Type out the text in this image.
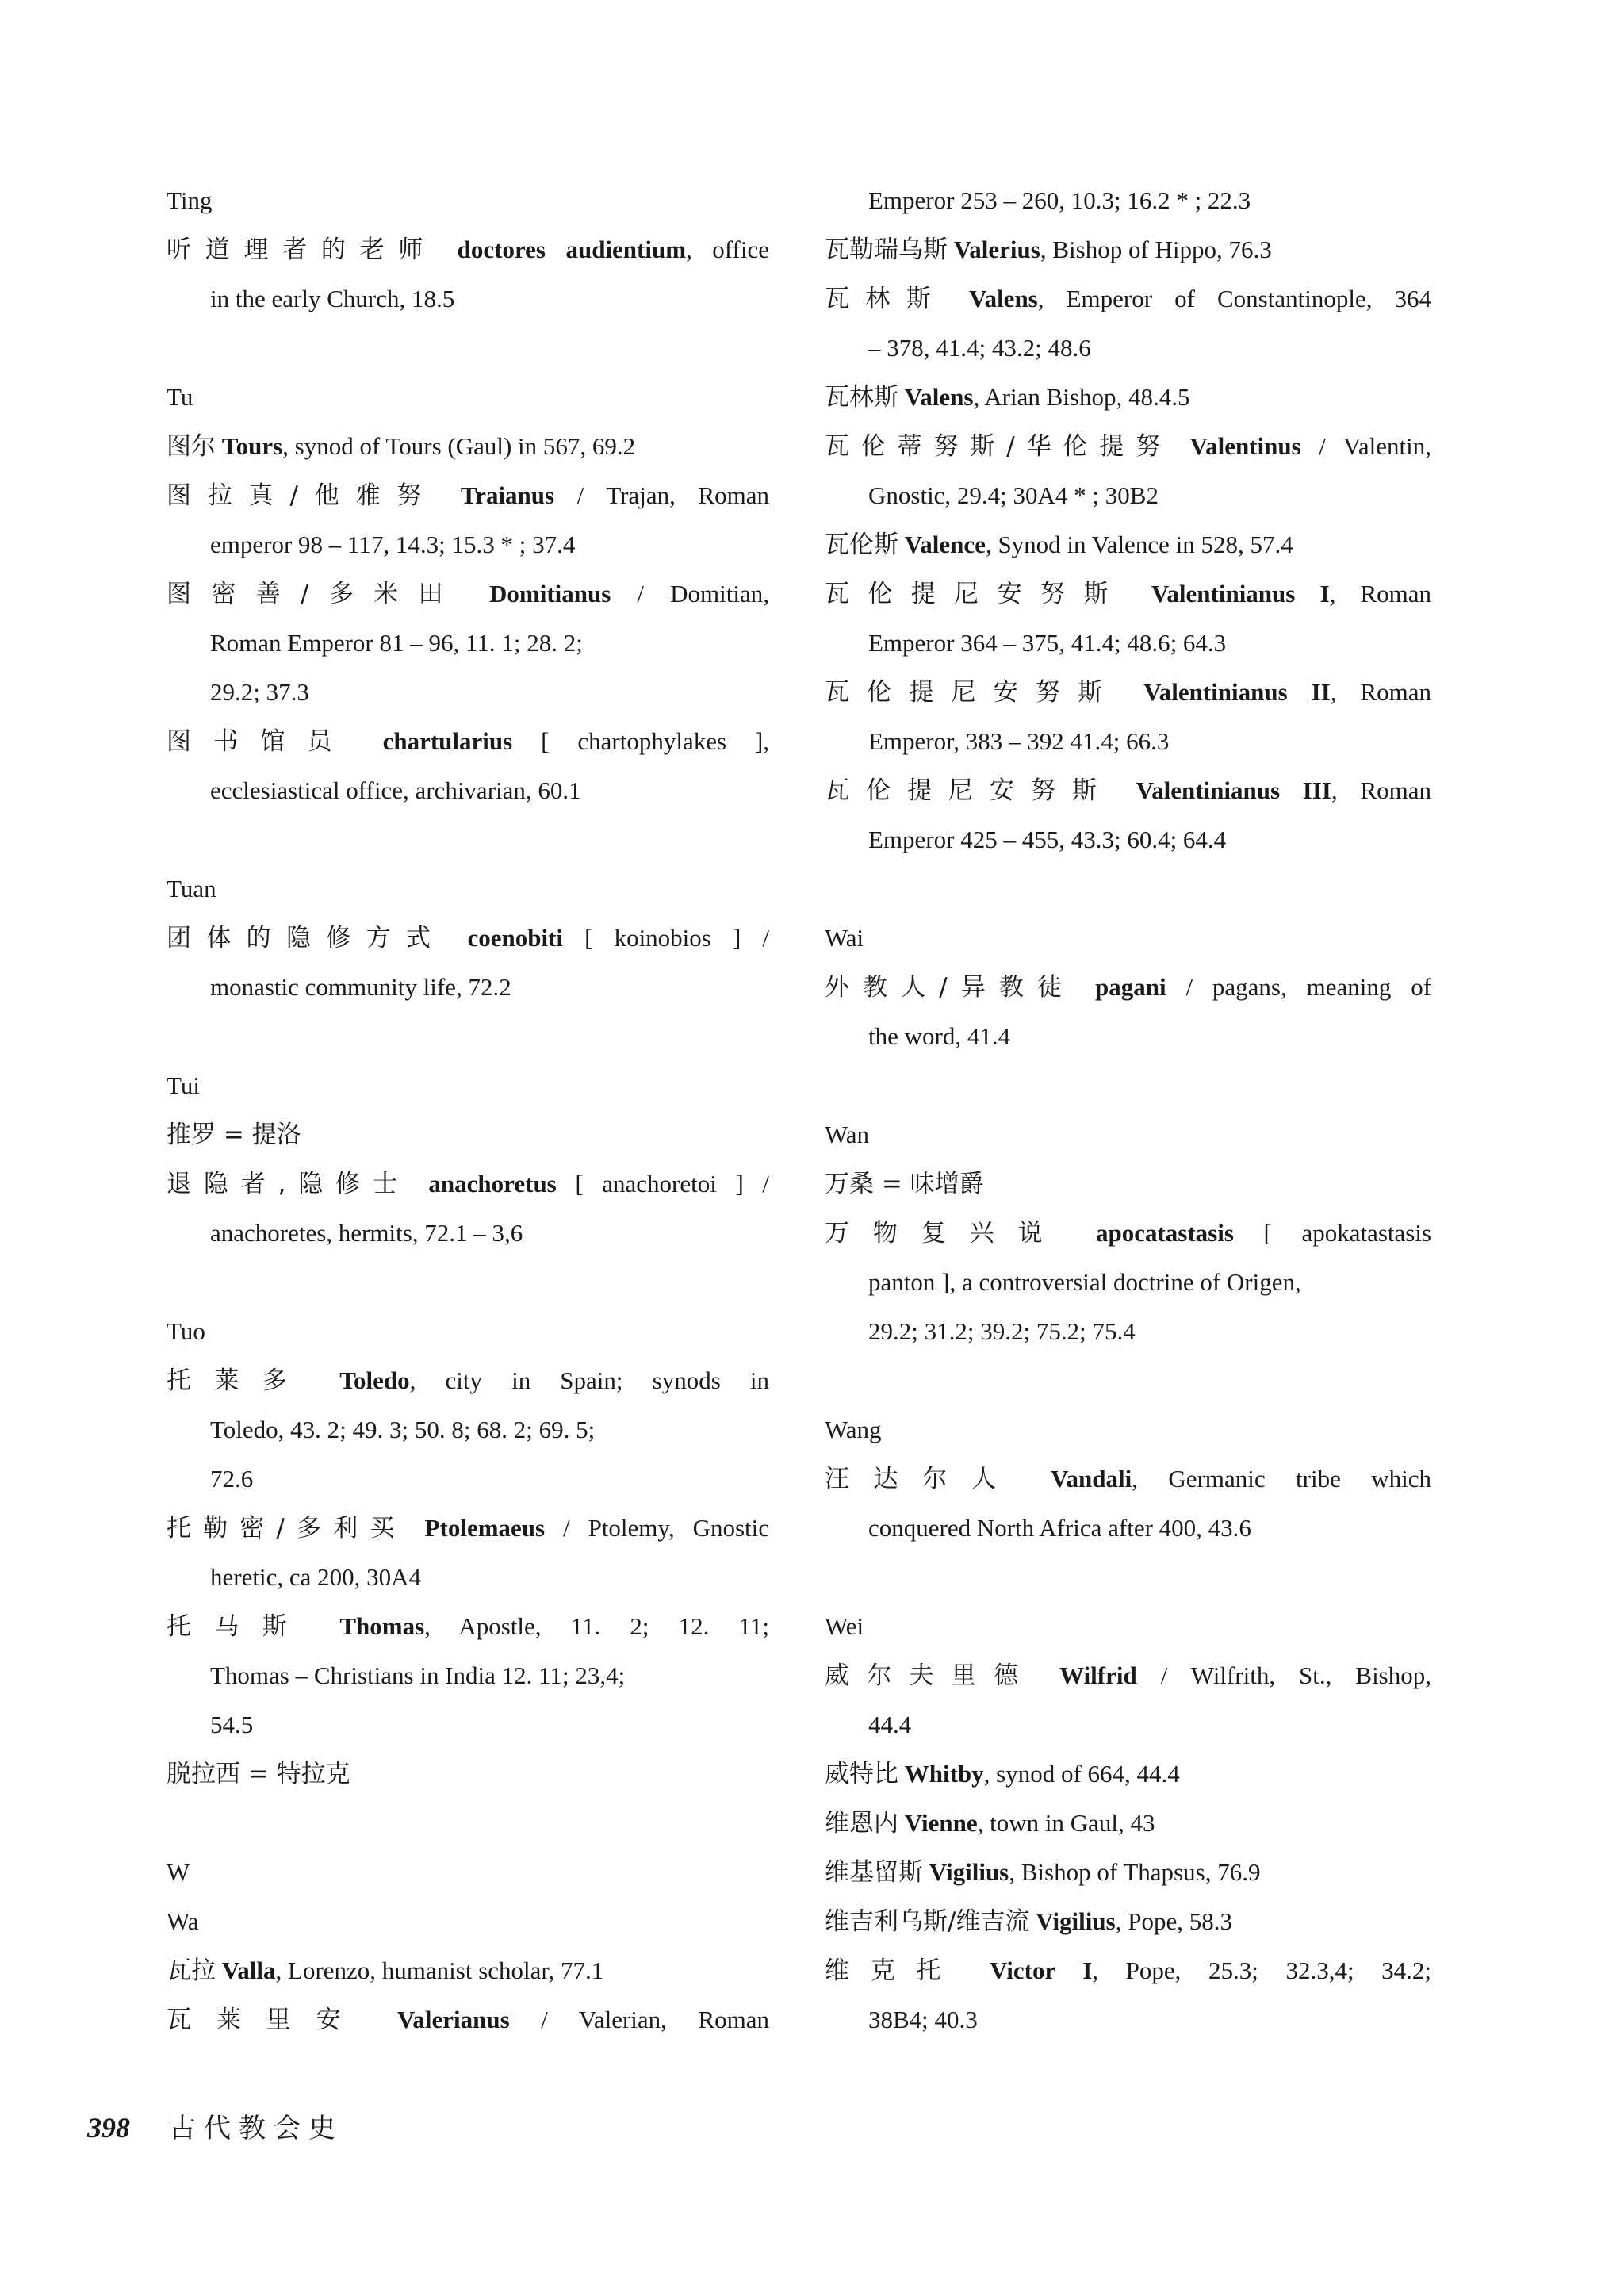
Ting
听道理者的老师 doctores audientium, office
in the early Church, 18.5
Tu
图尔 Tours, synod of Tours (Gaul) in 567, 69.2
图拉真/他雅努 Traianus / Trajan, Roman
emperor 98 – 117, 14.3; 15.3 * ; 37.4
图密善/多米田 Domitianus / Domitian,
Roman Emperor 81 – 96, 11. 1; 28. 2;
29.2; 37.3
图书馆员 chartularius [ chartophylakes ],
ecclesiastical office, archivarian, 60.1
Tuan
团体的隐修方式 coenobiti [ koinobios ] /
monastic community life, 72.2
Tui
推罗 = 提洛
退隐者,隐修士 anachoretus [ anachoretoi ] /
anachoretes, hermits, 72.1 – 3,6
Tuo
托莱多 Toledo, city in Spain; synods in
Toledo, 43. 2; 49. 3; 50. 8; 68. 2; 69. 5;
72.6
托勒密/多利买 Ptolemaeus / Ptolemy, Gnostic
heretic, ca 200, 30A4
托马斯 Thomas, Apostle, 11. 2; 12. 11;
Thomas – Christians in India 12. 11; 23,4;
54.5
脱拉西 = 特拉克
W
Wa
瓦拉 Valla, Lorenzo, humanist scholar, 77.1
瓦莱里安 Valerianus / Valerian, Roman
Emperor 253 – 260, 10.3; 16.2 * ; 22.3
瓦勒瑞乌斯 Valerius, Bishop of Hippo, 76.3
瓦林斯 Valens, Emperor of Constantinople, 364
– 378, 41.4; 43.2; 48.6
瓦林斯 Valens, Arian Bishop, 48.4.5
瓦伦蒂努斯/华伦提努 Valentinus / Valentin,
Gnostic, 29.4; 30A4 * ; 30B2
瓦伦斯 Valence, Synod in Valence in 528, 57.4
瓦伦提尼安努斯 Valentinianus I, Roman
Emperor 364 – 375, 41.4; 48.6; 64.3
瓦伦提尼安努斯 Valentinianus II, Roman
Emperor, 383 – 392 41.4; 66.3
瓦伦提尼安努斯 Valentinianus III, Roman
Emperor 425 – 455, 43.3; 60.4; 64.4
Wai
外教人/异教徒 pagani / pagans, meaning of
the word, 41.4
Wan
万桑 = 味增爵
万物复兴说 apocatastasis [ apokatastasis
panton ], a controversial doctrine of Origen,
29.2; 31.2; 39.2; 75.2; 75.4
Wang
汪达尔人 Vandali, Germanic tribe which
conquered North Africa after 400, 43.6
Wei
威尔夫里德 Wilfrid / Wilfrith, St., Bishop,
44.4
威特比 Whitby, synod of 664, 44.4
维恩内 Vienne, town in Gaul, 43
维基留斯 Vigilius, Bishop of Thapsus, 76.9
维吉利乌斯/维吉流 Vigilius, Pope, 58.3
维克托 Victor I, Pope, 25.3; 32.3,4; 34.2;
38B4; 40.3
398 古代教会史
